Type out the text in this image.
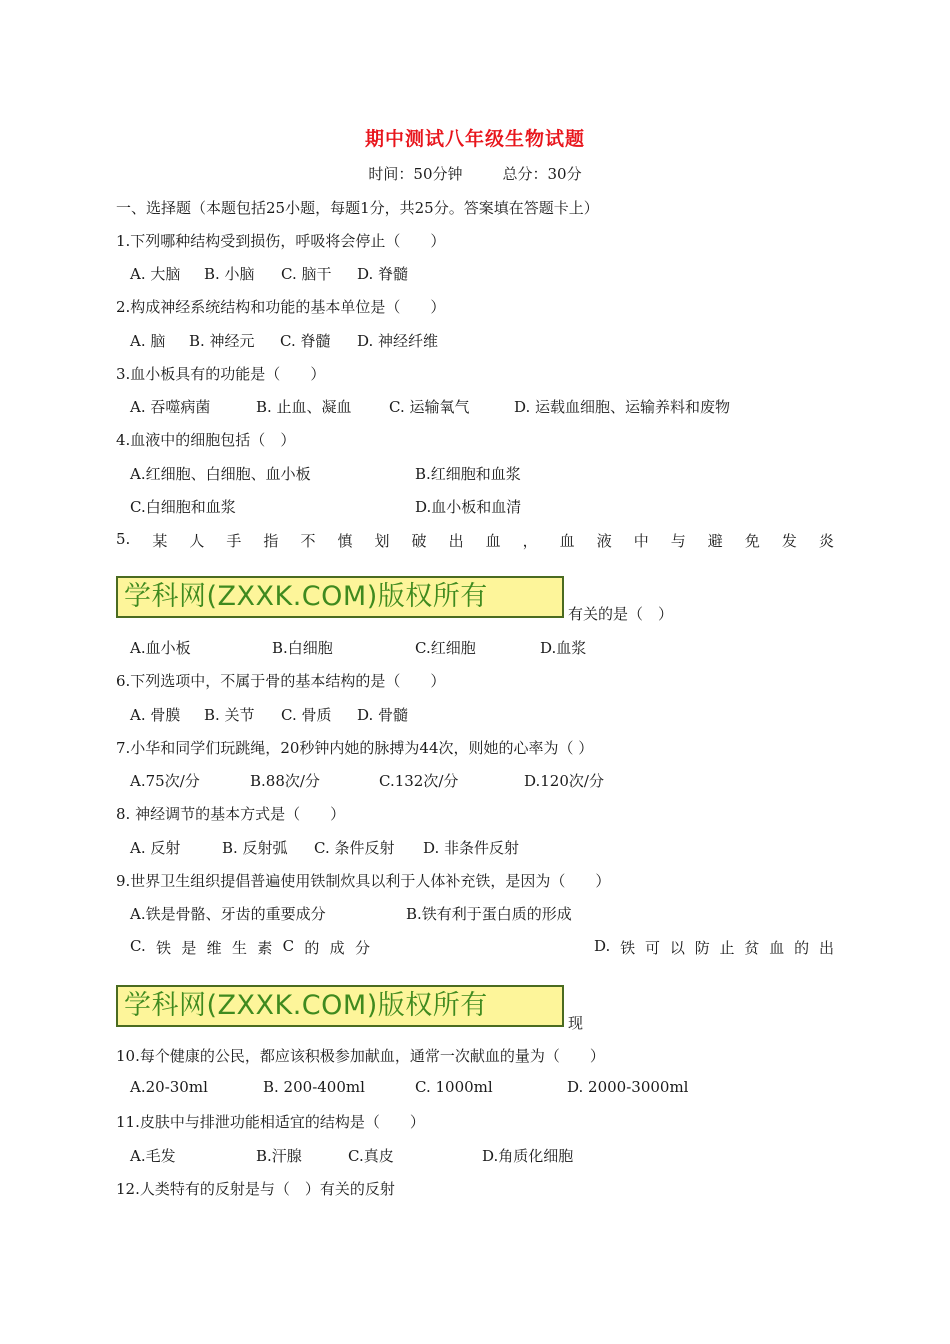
期中测试八年级生物试题
时间：50分钟	总分：30分
一、选择题（本题包括25小题，每题1分，共25分。答案填在答题卡上）
1.下列哪种结构受到损伤，呼吸将会停止（　　）
A. 大脑 B. 小脑 C. 脑干 D. 脊髓
2.构成神经系统结构和功能的基本单位是（　　）
A. 脑 B. 神经元 C. 脊髓 D. 神经纤维
3.血小板具有的功能是（　　）
A. 吞噬病菌	B. 止血、凝血 C. 运输氧气	D. 运载血细胞、运输养料和废物
4.血液中的细胞包括（　）
A.红细胞、白细胞、血小板	B.红细胞和血浆
C.白细胞和血浆	D.血小板和血清
5. 某 人 手 指 不 慎 划 破 出 血 ， 血 液 中 与 避 免 发 炎
学科网(ZXXK.COM)版权所有
有关的是（　）
A.血小板	B.白细胞	C.红细胞	D.血浆
6.下列选项中，不属于骨的基本结构的是（　　）
A. 骨膜 B. 关节 C. 骨质 D. 骨髓
7.小华和同学们玩跳绳，20秒钟内她的脉搏为44次，则她的心率为（ ）
A.75次/分	B.88次/分	C.132次/分	D.120次/分
8. 神经调节的基本方式是（　　）
A. 反射	B. 反射弧 C. 条件反射 D. 非条件反射
9.世界卫生组织提倡普遍使用铁制炊具以利于人体补充铁，是因为（　　）
A.铁是骨骼、牙齿的重要成分	B.铁有利于蛋白质的形成
C. 铁 是 维 生 素 C 的 成 分	D. 铁 可 以 防 止 贫 血 的 出
学科网(ZXXK.COM)版权所有
现
10.每个健康的公民，都应该积极参加献血，通常一次献血的量为（　　）
A.20-30ml	B. 200-400ml	C. 1000ml	D. 2000-3000ml
11.皮肤中与排泄功能相适宜的结构是（　　）
A.毛发	B.汗腺	C.真皮	D.角质化细胞
12.人类特有的反射是与（　）有关的反射
